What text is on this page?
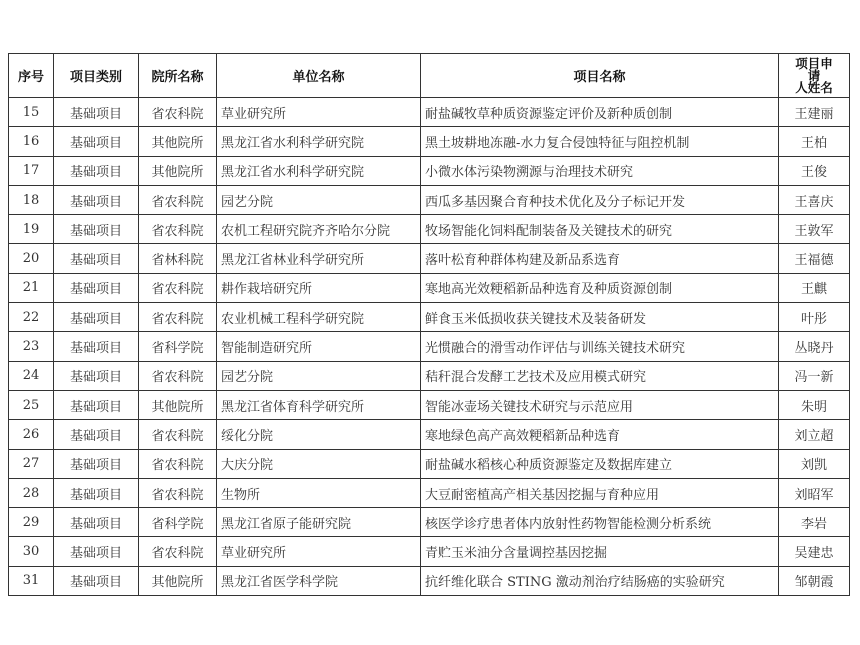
序号	项目类别	院所名称	单位名称	项目名称	项目申
请
人姓名

15	基础项目	省农科院	草业研究所	耐盐碱牧草种质资源鉴定评价及新种质创制	王建丽
16	基础项目	其他院所	黑龙江省水利科学研究院	黑土坡耕地冻融-水力复合侵蚀特征与阻控机制	王柏
17	基础项目	其他院所	黑龙江省水利科学研究院	小微水体污染物溯源与治理技术研究	王俊
18	基础项目	省农科院	园艺分院	西瓜多基因聚合育种技术优化及分子标记开发	王喜庆
19	基础项目	省农科院	农机工程研究院齐齐哈尔分院	牧场智能化饲料配制装备及关键技术的研究	王敦军
20	基础项目	省林科院	黑龙江省林业科学研究所	落叶松育种群体构建及新品系选育	王福德
21	基础项目	省农科院	耕作栽培研究所	寒地高光效粳稻新品种选育及种质资源创制	王麒
22	基础项目	省农科院	农业机械工程科学研究院	鲜食玉米低损收获关键技术及装备研发	叶彤
23	基础项目	省科学院	智能制造研究所	光惯融合的滑雪动作评估与训练关键技术研究	丛晓丹
24	基础项目	省农科院	园艺分院	秸秆混合发酵工艺技术及应用模式研究	冯一新
25	基础项目	其他院所	黑龙江省体育科学研究所	智能冰壶场关键技术研究与示范应用	朱明
26	基础项目	省农科院	绥化分院	寒地绿色高产高效粳稻新品种选育	刘立超
27	基础项目	省农科院	大庆分院	耐盐碱水稻核心种质资源鉴定及数据库建立	刘凯
28	基础项目	省农科院	生物所	大豆耐密植高产相关基因挖掘与育种应用	刘昭军
29	基础项目	省科学院	黑龙江省原子能研究院	核医学诊疗患者体内放射性药物智能检测分析系统	李岩
30	基础项目	省农科院	草业研究所	青贮玉米油分含量调控基因挖掘	吴建忠
31	基础项目	其他院所	黑龙江省医学科学院	抗纤维化联合 STING 激动剂治疗结肠癌的实验研究	邹朝霞
